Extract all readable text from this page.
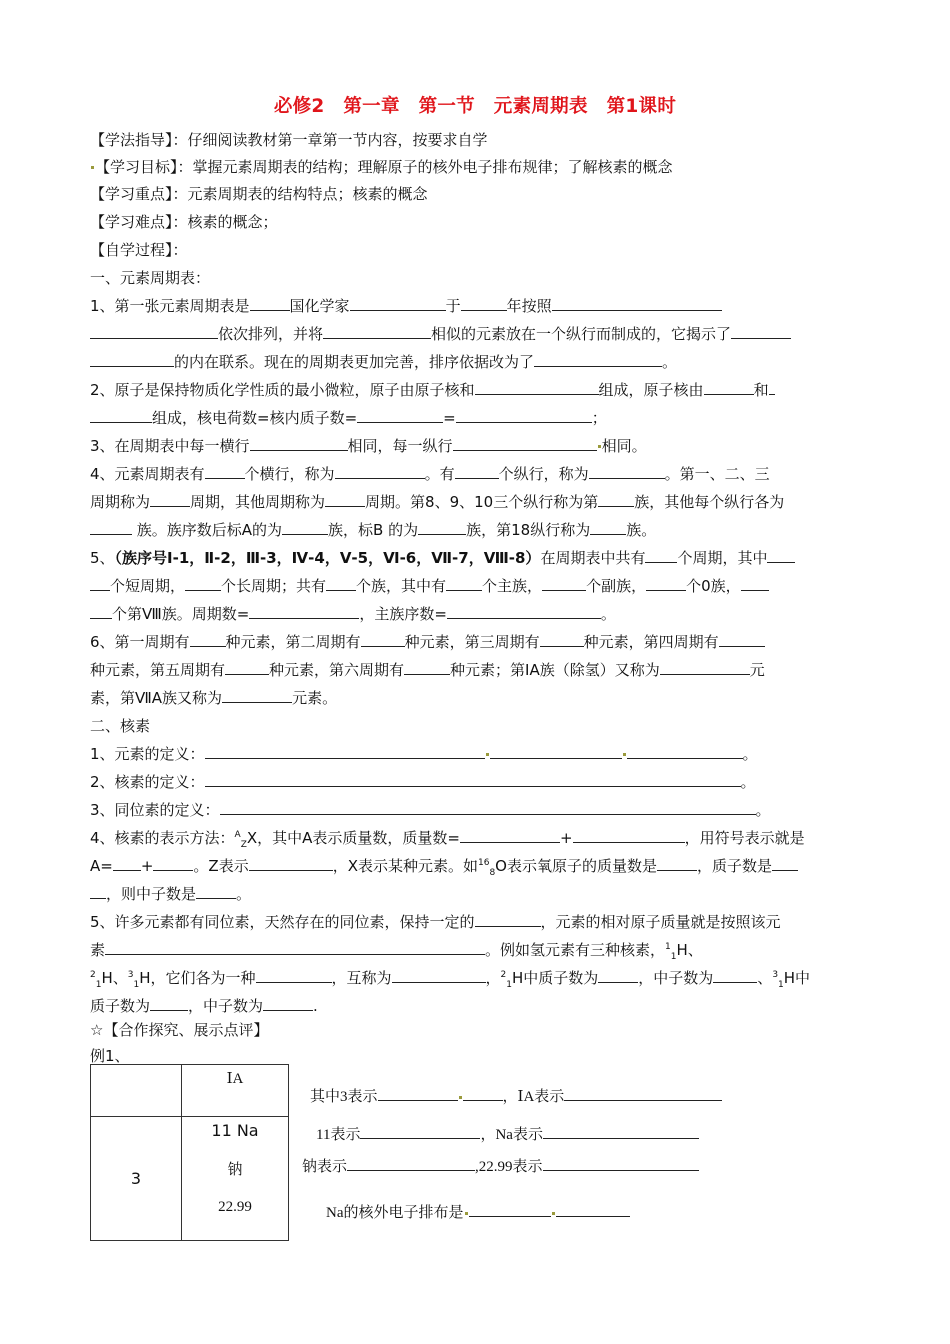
必修2　第一章　第一节　元素周期表　第1课时
【学法指导】：仔细阅读教材第一章第一节内容，按要求自学
【学习目标】：掌握元素周期表的结构；理解原子的核外电子排布规律；了解核素的概念
【学习重点】：元素周期表的结构特点；核素的概念
【学习难点】：核素的概念；
【自学过程】：
一、元素周期表：
1、第一张元素周期表是	国化学家	于	年按照
依次排列，并将	相似的元素放在一个纵行而制成的，它揭示了
的内在联系。现在的周期表更加完善，排序依据改为了	。
2、原子是保持物质化学性质的最小微粒，原子由原子核和	组成，原子核由	和
组成，核电荷数=核内质子数=	=	；
3、在周期表中每一横行	相同，每一纵行	相同。
4、元素周期表有	个横行，称为	。有	个纵行，称为	。第一、二、三
周期称为	周期，其他周期称为	周期。第8、9、10三个纵行称为第 族，其他每个纵行各为
族。族序数后标A的为	族，标B 的为	族，第18纵行称为 族。
5、（族序号Ⅰ-1，Ⅱ-2，Ⅲ-3，Ⅳ-4，Ⅴ-5，Ⅵ-6，Ⅶ-7，Ⅷ-8）在周期表中共有 个周期，其中
个短周期， 个长周期；共有 个族，其中有 个主族，	个副族，	个0族，
个第Ⅷ族。周期数=	，主族序数=	。
6、第一周期有 种元素，第二周期有	种元素，第三周期有	种元素，第四周期有
种元素，第五周期有	种元素，第六周期有	种元素；第ⅠA族（除氢）又称为	元
素，第ⅦA族又称为	元素。
二、核素
1、元素的定义：	。
2、核素的定义：	。
3、同位素的定义：	。
4、核素的表示方法：$^A_Z$X，其中A表示质量数，质量数=	+	，用符号表示就是
A= +	。Z表示	，X表示某种元素。如$^{16}_8$O表示氧原子的质量数是	，质子数是
，则中子数是	。
5、许多元素都有同位素，天然存在的同位素，保持一定的	，元素的相对原子质量就是按照该元
素	。例如氢元素有三种核素，$^1_1$H、
$^2_1$H、$^3_1$H，它们各为一种	，互称为	，$^2_1$H中质子数为	，中子数为	、$^3_1$H中
质子数为	，中子数为	.
☆【合作探究、展示点评】
例1、
	ⅠA
3	11 Na
钠
22.99
其中3表示	，ⅠA表示
11表示	，Na表示
钠表示	,22.99表示
Na的核外电子排布是
